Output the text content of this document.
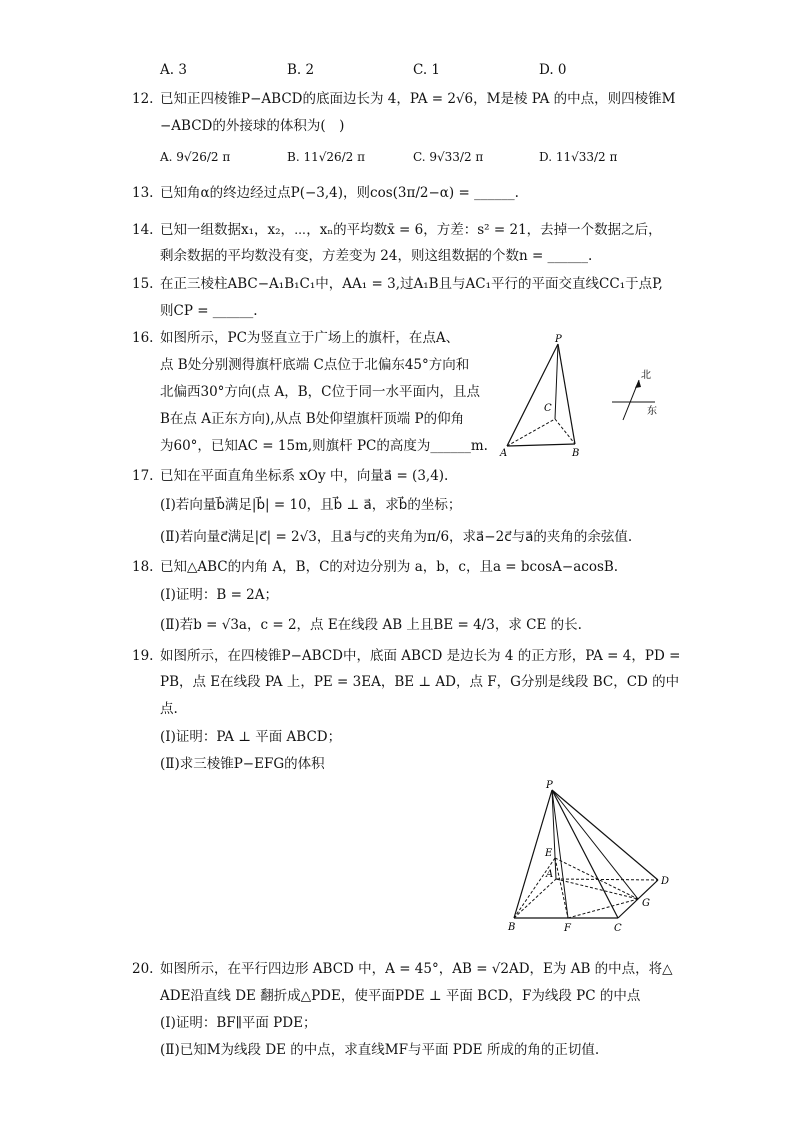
A. 3	B. 2	C. 1	D. 0
12. 已知正四棱锥P−ABCD的底面边长为 4，PA = 2√6，M是棱 PA 的中点，则四棱锥M
−ABCD的外接球的体积为(　)
A. 9√26/2 π	B. 11√26/2 π	C. 9√33/2 π	D. 11√33/2 π
13. 已知角α的终边经过点P(−3,4)，则cos(3π/2−α) = ______.
14. 已知一组数据x₁，x₂，⋯，xₙ的平均数x̄ = 6，方差：s² = 21，去掉一个数据之后，
剩余数据的平均数没有变，方差变为 24，则这组数据的个数n = ______.
15. 在正三棱柱ABC−A₁B₁C₁中，AA₁ = 3,过A₁B且与AC₁平行的平面交直线CC₁于点P,
则CP = ______.
16. 如图所示，PC为竖直立于广场上的旗杆，在点A、
点 B处分别测得旗杆底端 C点位于北偏东45°方向和
北偏西30°方向(点 A，B，C位于同一水平面内，且点
B在点 A正东方向),从点 B处仰望旗杆顶端 P的仰角
为60°，已知AC = 15m,则旗杆 PC的高度为______m.
P
C
A	B
北
东
17. 已知在平面直角坐标系 xOy 中，向量a⃗ = (3,4).
(Ⅰ)若向量b⃗满足|b⃗| = 10，且b⃗ ⊥ a⃗，求b⃗的坐标；
(Ⅱ)若向量c⃗满足|c⃗| = 2√3，且a⃗与c⃗的夹角为π/6，求a⃗−2c⃗与a⃗的夹角的余弦值.
18. 已知△ABC的内角 A，B，C的对边分别为 a，b，c，且a = bcosA−acosB.
(Ⅰ)证明：B = 2A；
(Ⅱ)若b = √3a，c = 2，点 E在线段 AB 上且BE = 4/3，求 CE 的长.
19. 如图所示，在四棱锥P−ABCD中，底面 ABCD 是边长为 4 的正方形，PA = 4，PD =
PB，点 E在线段 PA 上，PE = 3EA，BE ⊥ AD，点 F，G分别是线段 BC，CD 的中
点.
(Ⅰ)证明：PA ⊥ 平面 ABCD；
(Ⅱ)求三棱锥P−EFG的体积
P
E
A
D
G
B	F	C
20. 如图所示，在平行四边形 ABCD 中，A = 45°，AB = √2AD，E为 AB 的中点，将△
ADE沿直线 DE 翻折成△PDE，使平面PDE ⊥ 平面 BCD，F为线段 PC 的中点
(Ⅰ)证明：BF∥平面 PDE；
(Ⅱ)已知M为线段 DE 的中点，求直线MF与平面 PDE 所成的角的正切值.
